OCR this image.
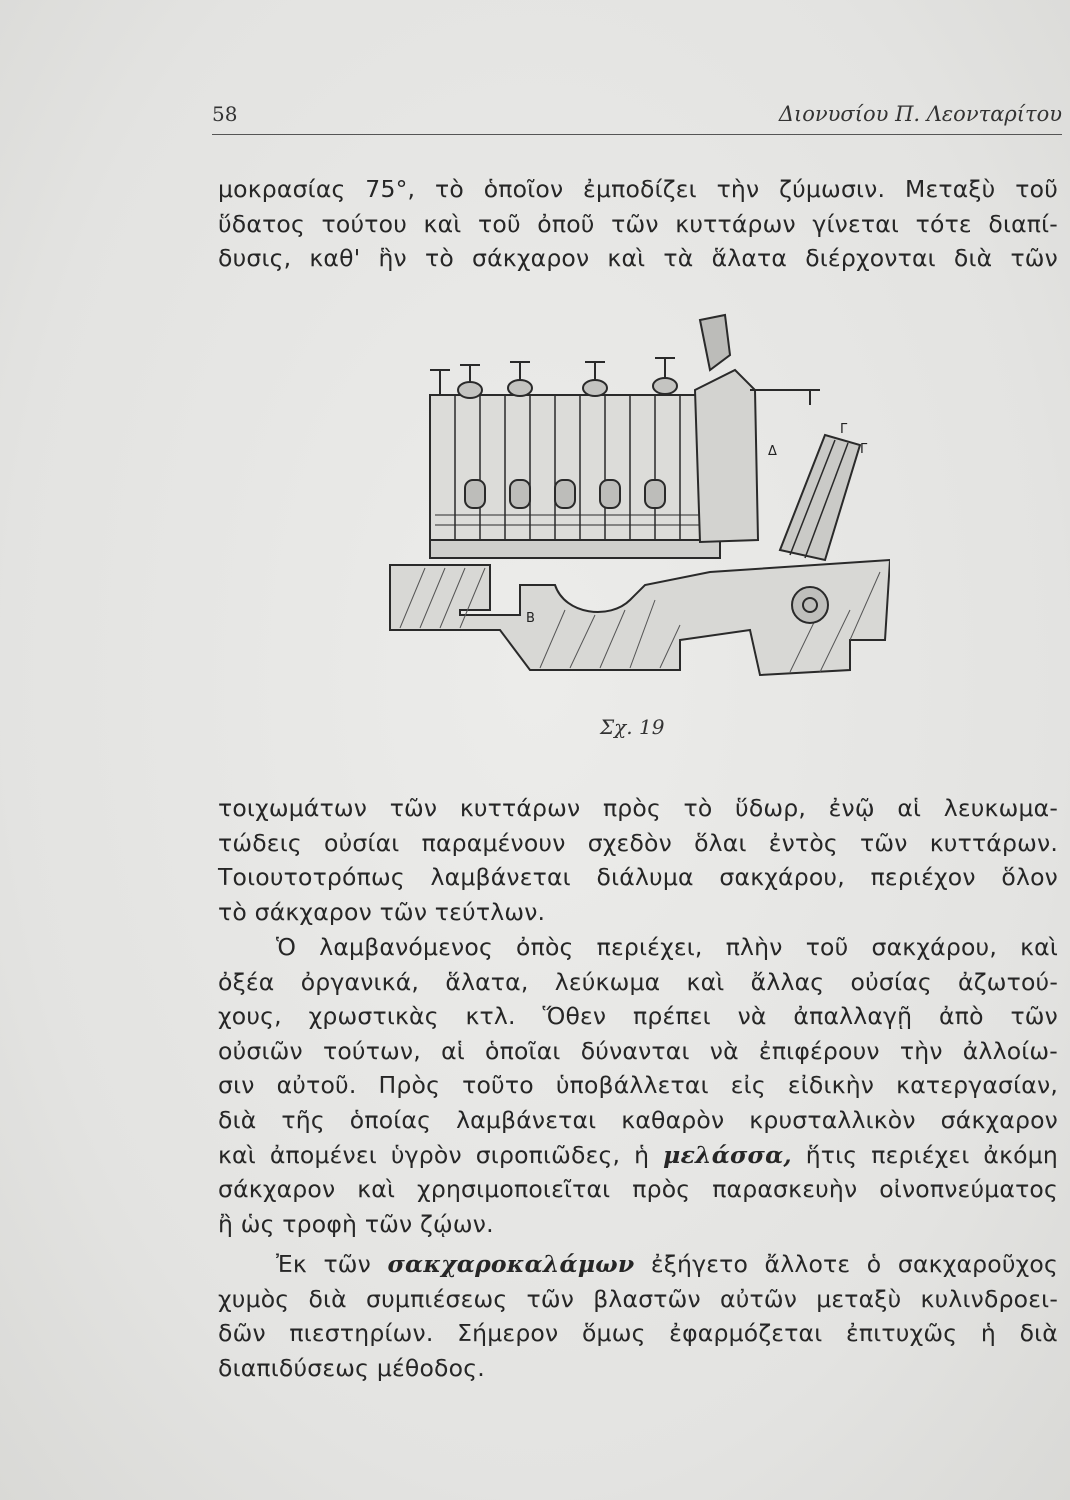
58	Διονυσίου Π. Λεονταρίτου
μοκρασίας 75°, τὸ ὁποῖον ἐμποδίζει τὴν ζύμωσιν. Μεταξὺ τοῦ
ὕδατος τούτου καὶ τοῦ ὀποῦ τῶν κυττάρων γίνεται τότε διαπί-
δυσις, καθ' ἣν τὸ σάκχαρον καὶ τὰ ἅλατα διέρχονται διὰ τῶν
Δ
Γ
Γ
B
Σχ. 19
τοιχωμάτων τῶν κυττάρων πρὸς τὸ ὕδωρ, ἐνῷ αἱ λευκωμα-
τώδεις οὐσίαι παραμένουν σχεδὸν ὅλαι ἐντὸς τῶν κυττάρων.
Τοιουτοτρόπως λαμβάνεται διάλυμα σακχάρου, περιέχον ὅλον
τὸ σάκχαρον τῶν τεύτλων.
Ὁ λαμβανόμενος ὀπὸς περιέχει, πλὴν τοῦ σακχάρου, καὶ
ὀξέα ὀργανικά, ἅλατα, λεύκωμα καὶ ἄλλας οὐσίας ἀζωτού-
χους, χρωστικὰς κτλ. Ὅθεν πρέπει νὰ ἀπαλλαγῇ ἀπὸ τῶν
οὐσιῶν τούτων, αἱ ὁποῖαι δύνανται νὰ ἐπιφέρουν τὴν ἀλλοίω-
σιν αὐτοῦ. Πρὸς τοῦτο ὑποβάλλεται εἰς εἰδικὴν κατεργασίαν,
διὰ τῆς ὁποίας λαμβάνεται καθαρὸν κρυσταλλικὸν σάκχαρον
καὶ ἀπομένει ὑγρὸν σιροπιῶδες, ἡ μελάσσα, ἥτις περιέχει ἀκόμη
σάκχαρον καὶ χρησιμοποιεῖται πρὸς παρασκευὴν οἰνοπνεύματος
ἢ ὡς τροφὴ τῶν ζῴων.
Ἐκ τῶν σακχαροκαλάμων ἐξήγετο ἄλλοτε ὁ σακχαροῦχος
χυμὸς διὰ συμπιέσεως τῶν βλαστῶν αὐτῶν μεταξὺ κυλινδροει-
δῶν πιεστηρίων. Σήμερον ὅμως ἐφαρμόζεται ἐπιτυχῶς ἡ διὰ
διαπιδύσεως μέθοδος.
